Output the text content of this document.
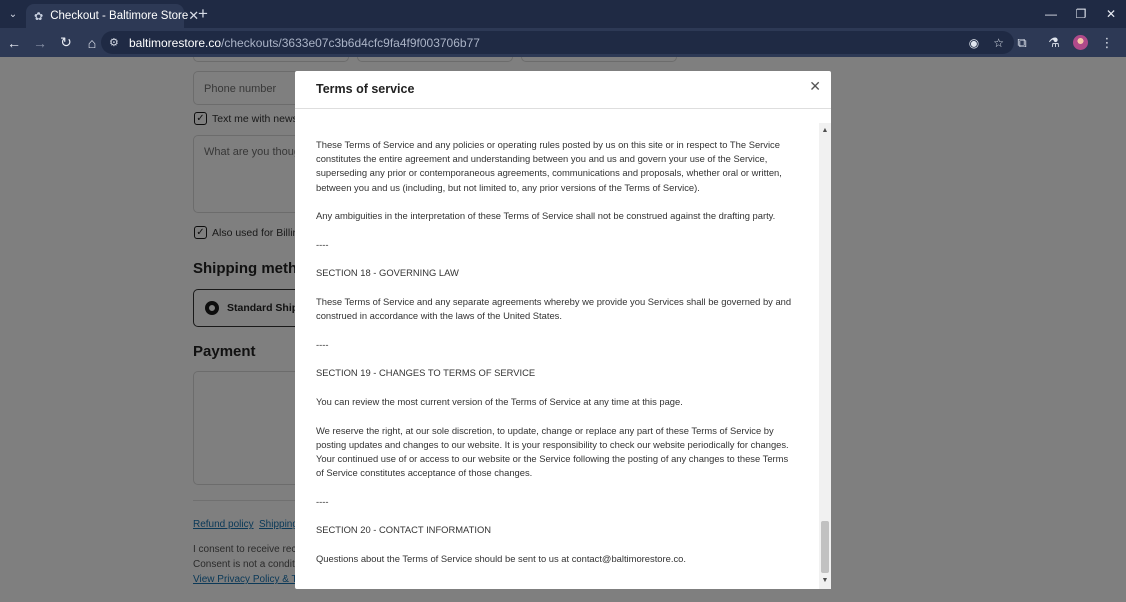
⌄	✿ Checkout - Baltimore Store ✕
+	—	❐	✕
← → ↻	⌂	⚙ baltimorestore.co/checkouts/3633e07c3b6d4cfc9fa4f9f003706b77	◉ ☆	⧉	⚗	⋮
Terms of service	✕

These Terms of Service and any policies or operating rules posted by us on this site or in respect to The Service constitutes the entire agreement and understanding between you and us and govern your use of the Service, superseding any prior or contemporaneous agreements, communications and proposals, whether oral or written, between you and us (including, but not limited to, any prior versions of the Terms of Service).

Any ambiguities in the interpretation of these Terms of Service shall not be construed against the drafting party.

----

SECTION 18 - GOVERNING LAW

These Terms of Service and any separate agreements whereby we provide you Services shall be governed by and construed in accordance with the laws of the United States.

----

SECTION 19 - CHANGES TO TERMS OF SERVICE

You can review the most current version of the Terms of Service at any time at this page.

We reserve the right, at our sole discretion, to update, change or replace any part of these Terms of Service by posting updates and changes to our website. It is your responsibility to check our website periodically for changes. Your continued use of or access to our website or the Service following the posting of any changes to these Terms of Service constitutes acceptance of those changes.

----

SECTION 20 - CONTACT INFORMATION

Questions about the Terms of Service should be sent to us at contact@baltimorestore.co.

▲
▼
